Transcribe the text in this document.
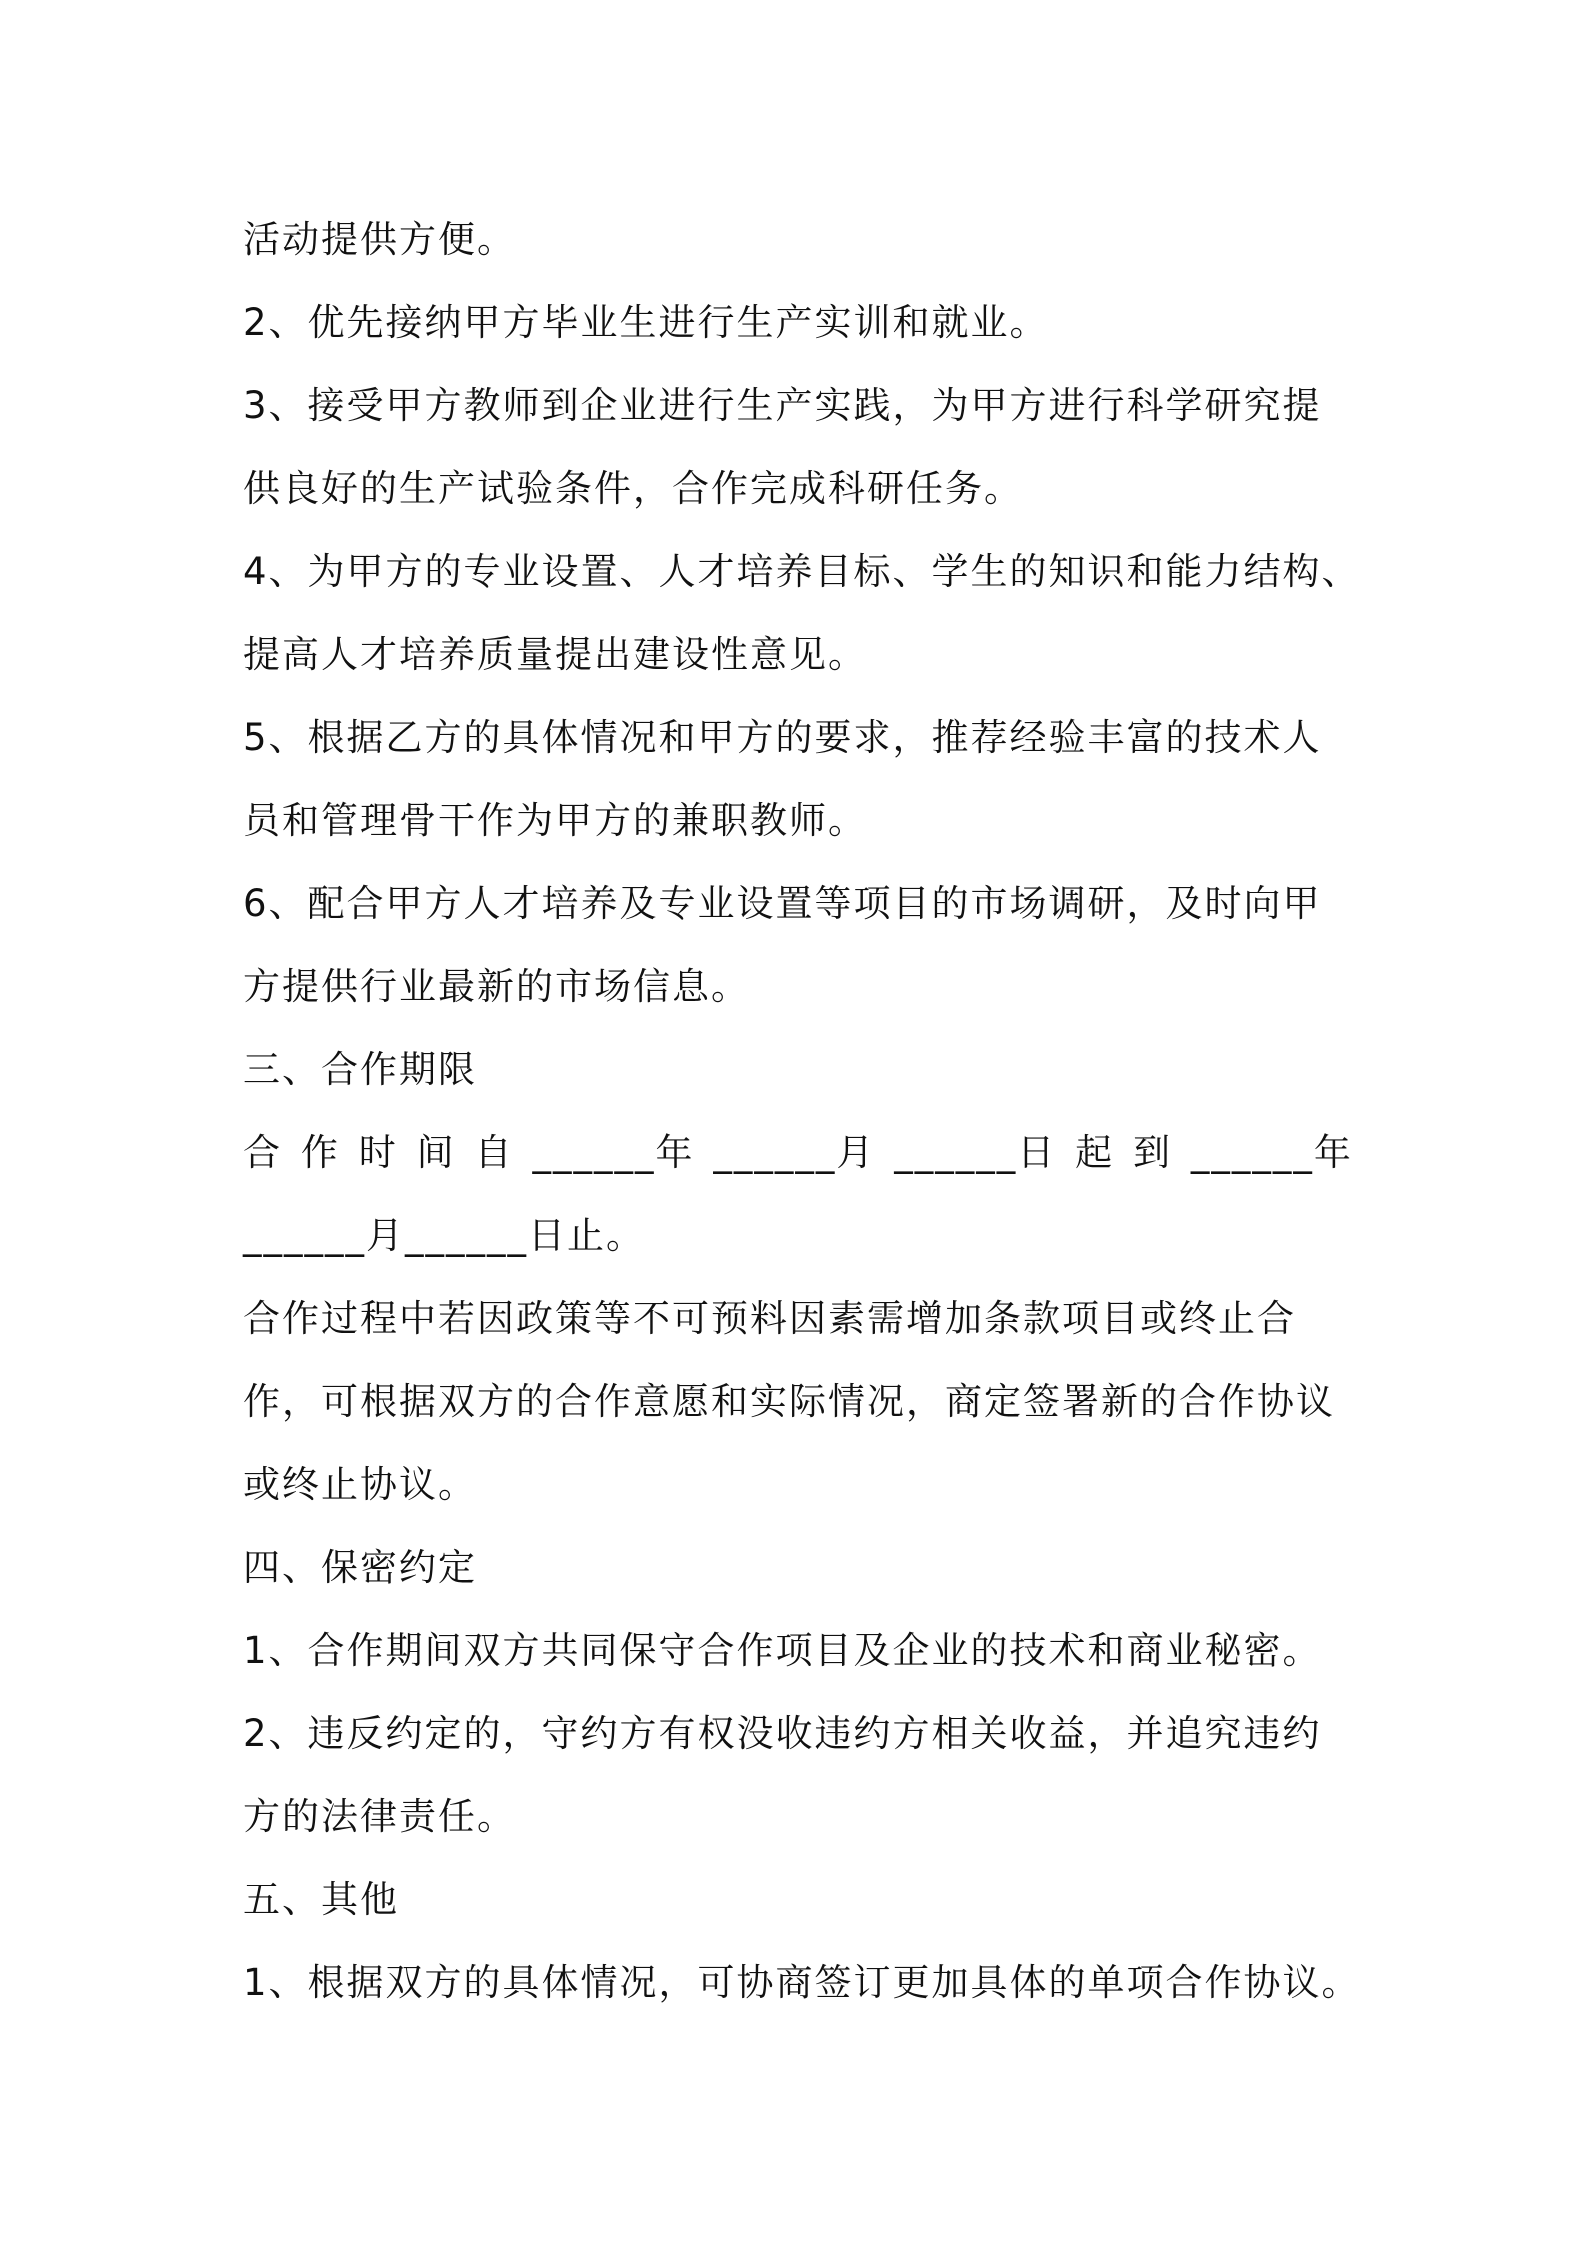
活动提供方便。
2、优先接纳甲方毕业生进行生产实训和就业。
3、接受甲方教师到企业进行生产实践，为甲方进行科学研究提
供良好的生产试验条件，合作完成科研任务。
4、为甲方的专业设置、人才培养目标、学生的知识和能力结构、
提高人才培养质量提出建设性意见。
5、根据乙方的具体情况和甲方的要求，推荐经验丰富的技术人
员和管理骨干作为甲方的兼职教师。
6、配合甲方人才培养及专业设置等项目的市场调研，及时向甲
方提供行业最新的市场信息。
三、合作期限
合 作 时 间 自 ______年 ______月 ______日 起 到 ______年
______月______日止。
合作过程中若因政策等不可预料因素需增加条款项目或终止合
作，可根据双方的合作意愿和实际情况，商定签署新的合作协议
或终止协议。
四、保密约定
1、合作期间双方共同保守合作项目及企业的技术和商业秘密。
2、违反约定的，守约方有权没收违约方相关收益，并追究违约
方的法律责任。
五、其他
1、根据双方的具体情况，可协商签订更加具体的单项合作协议。
